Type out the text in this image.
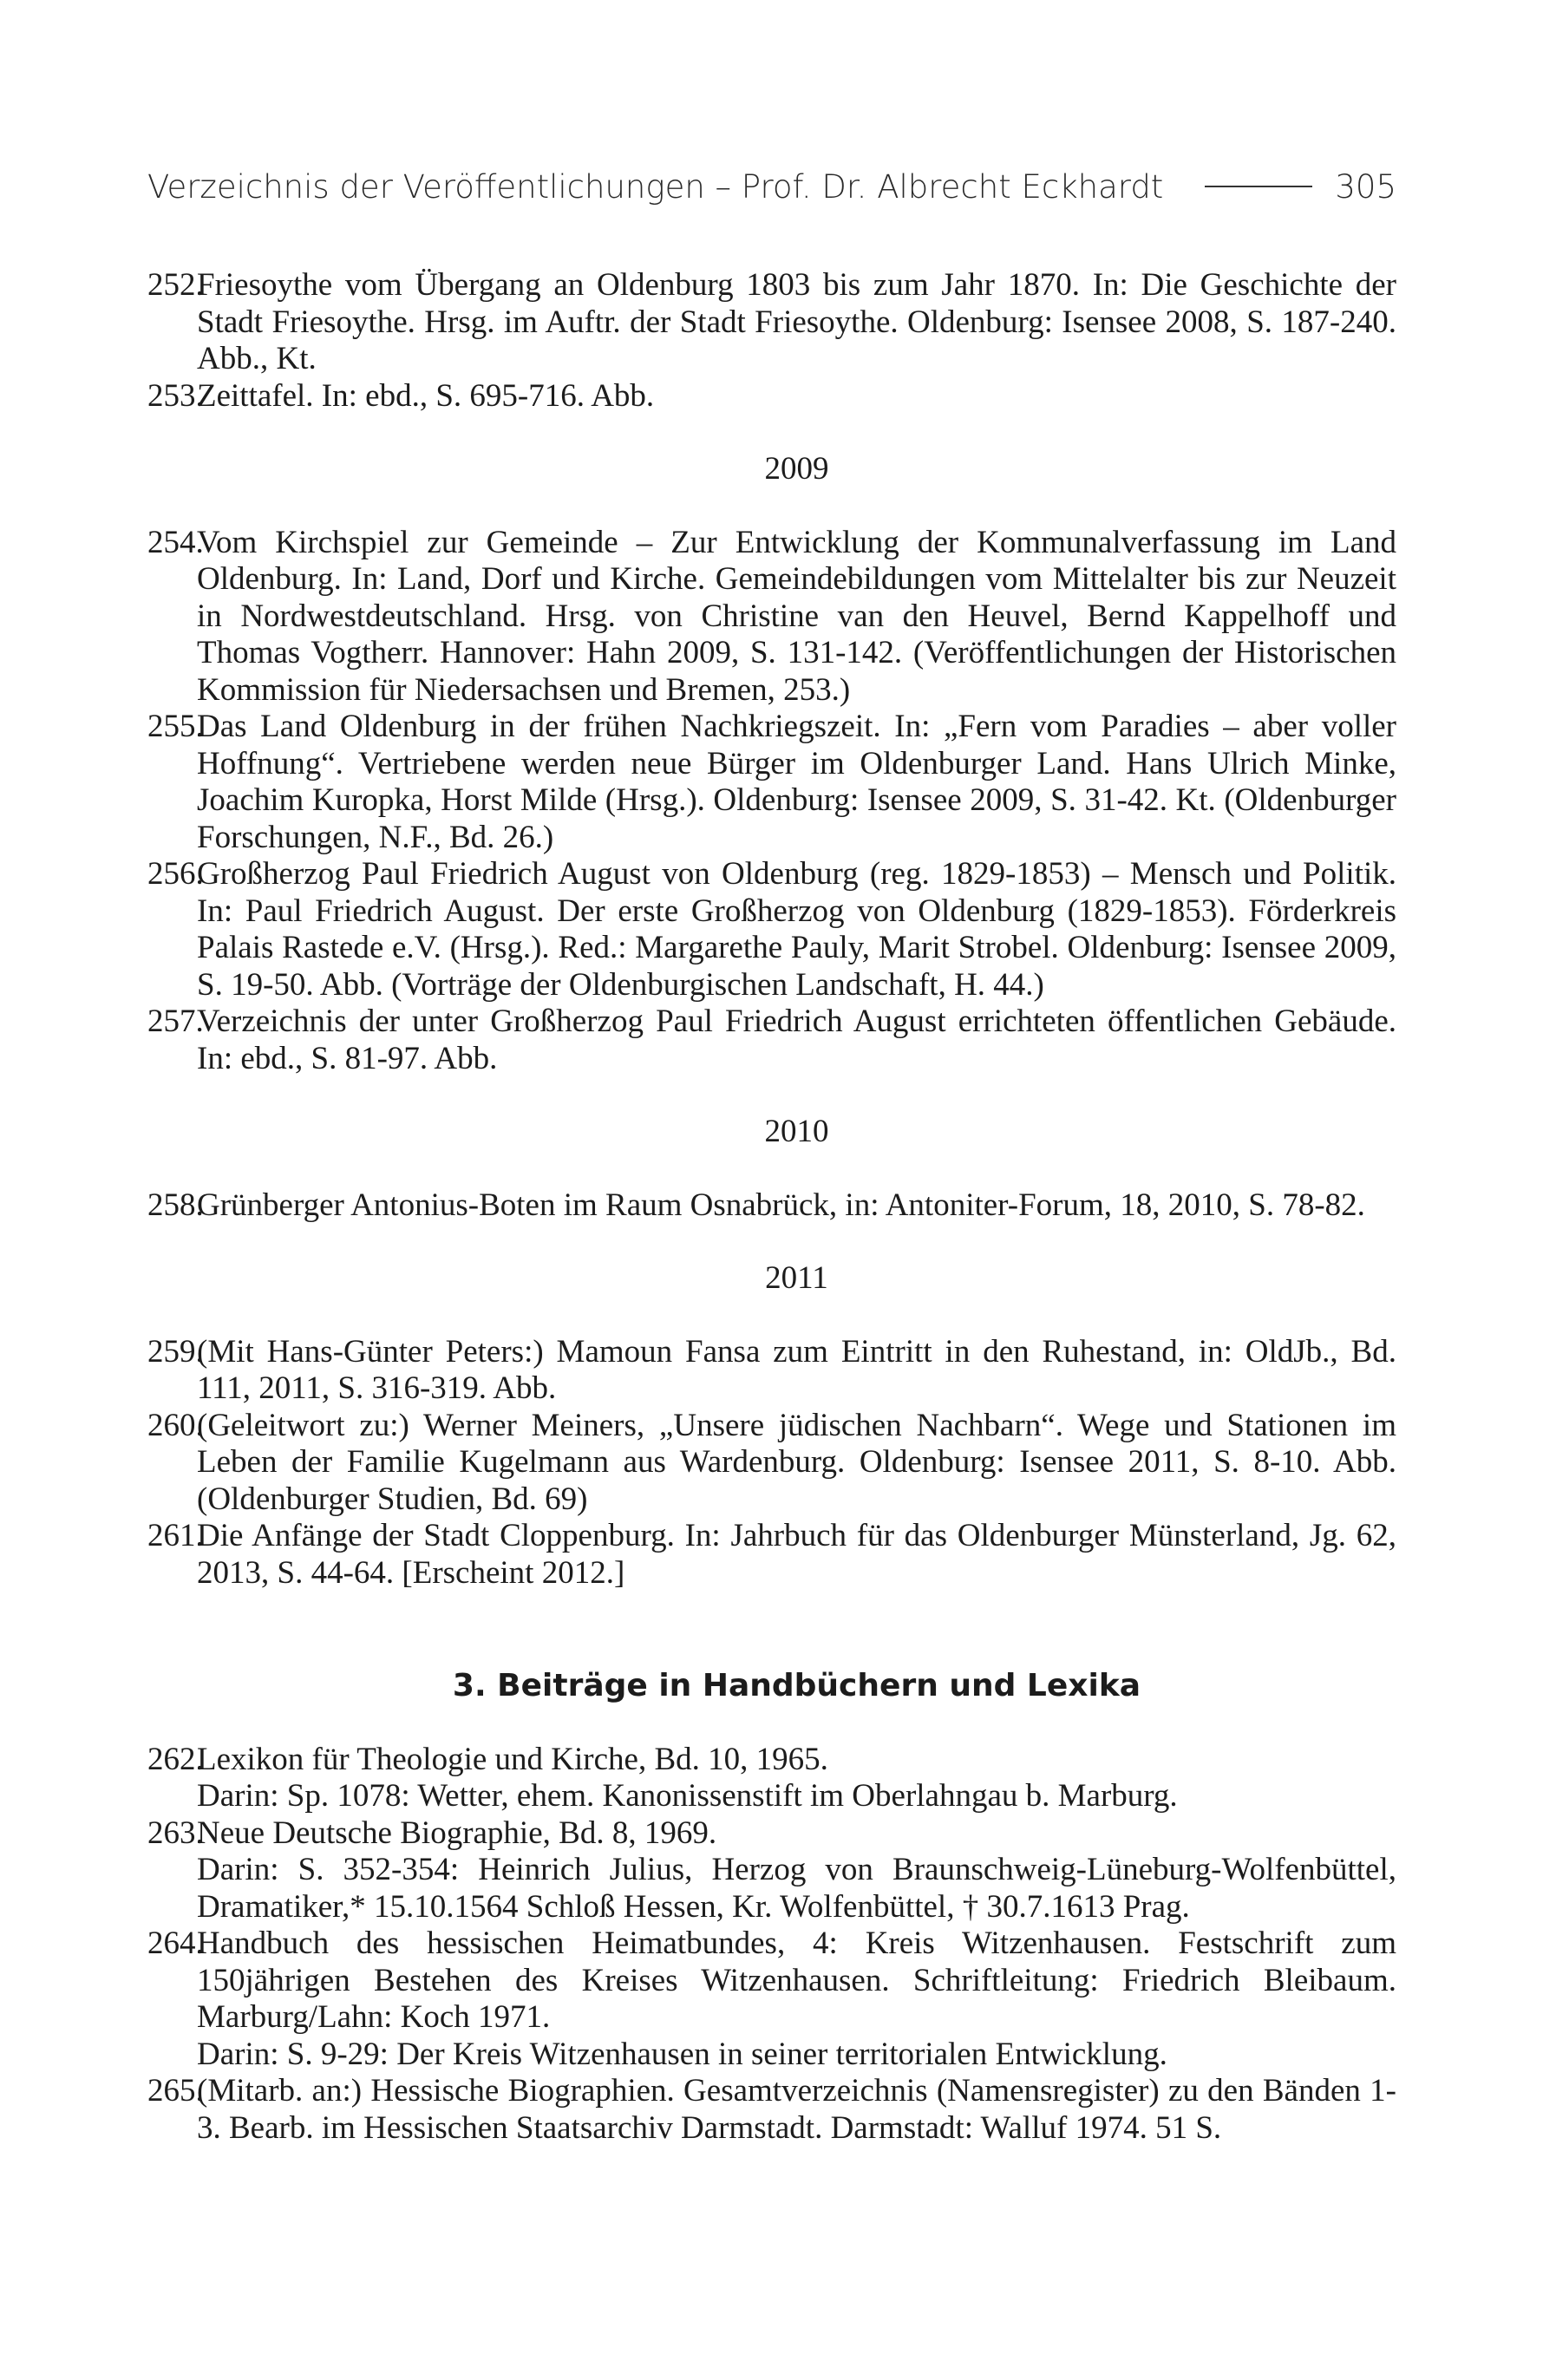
Verzeichnis der Veröffentlichungen – Prof. Dr. Albrecht Eckhardt	305
252.
Friesoythe vom Übergang an Oldenburg 1803 bis zum Jahr 1870. In: Die Geschichte der Stadt Friesoythe. Hrsg. im Auftr. der Stadt Friesoythe. Oldenburg: Isensee 2008, S. 187-240. Abb., Kt.
253.
Zeittafel. In: ebd., S. 695-716. Abb.
2009
254.
Vom Kirchspiel zur Gemeinde – Zur Entwicklung der Kommunalverfassung im Land Oldenburg. In: Land, Dorf und Kirche. Gemeindebildungen vom Mittelalter bis zur Neuzeit in Nordwestdeutschland. Hrsg. von Christine van den Heuvel, Bernd Kappelhoff und Thomas Vogtherr. Hannover: Hahn 2009, S. 131-142. (Veröffentlichungen der Historischen Kommission für Niedersachsen und Bremen, 253.)
255.
Das Land Oldenburg in der frühen Nachkriegszeit. In: „Fern vom Paradies – aber voller Hoffnung“. Vertriebene werden neue Bürger im Oldenburger Land. Hans Ulrich Minke, Joachim Kuropka, Horst Milde (Hrsg.). Oldenburg: Isensee 2009, S. 31-42. Kt. (Oldenburger Forschungen, N.F., Bd. 26.)
256.
Großherzog Paul Friedrich August von Oldenburg (reg. 1829-1853) – Mensch und Politik. In: Paul Friedrich August. Der erste Großherzog von Oldenburg (1829-1853). Förderkreis Palais Rastede e.V. (Hrsg.). Red.: Margarethe Pauly, Marit Strobel. Oldenburg: Isensee 2009, S. 19-50. Abb. (Vorträge der Oldenburgischen Landschaft, H. 44.)
257.
Verzeichnis der unter Großherzog Paul Friedrich August errichteten öffentlichen Gebäude. In: ebd., S. 81-97. Abb.
2010
258.
Grünberger Antonius-Boten im Raum Osnabrück, in: Antoniter-Forum, 18, 2010, S. 78-82.
2011
259.
(Mit Hans-Günter Peters:) Mamoun Fansa zum Eintritt in den Ruhestand, in: OldJb., Bd. 111, 2011, S. 316-319. Abb.
260.
(Geleitwort zu:) Werner Meiners, „Unsere jüdischen Nachbarn“. Wege und Stationen im Leben der Familie Kugelmann aus Wardenburg. Oldenburg: Isensee 2011, S. 8-10. Abb. (Oldenburger Studien, Bd. 69)
261.
Die Anfänge der Stadt Cloppenburg. In: Jahrbuch für das Oldenburger Münsterland, Jg. 62, 2013, S. 44-64. [Erscheint 2012.]
3. Beiträge in Handbüchern und Lexika
262.
Lexikon für Theologie und Kirche, Bd. 10, 1965.
Darin: Sp. 1078: Wetter, ehem. Kanonissenstift im Oberlahngau b. Marburg.
263.
Neue Deutsche Biographie, Bd. 8, 1969.
Darin: S. 352-354: Heinrich Julius, Herzog von Braunschweig-Lüneburg-Wolfenbüttel, Dramatiker,* 15.10.1564 Schloß Hessen, Kr. Wolfenbüttel, † 30.7.1613 Prag.
264.
Handbuch des hessischen Heimatbundes, 4: Kreis Witzenhausen. Festschrift zum 150jährigen Bestehen des Kreises Witzenhausen. Schriftleitung: Friedrich Bleibaum. Marburg/Lahn: Koch 1971.
Darin: S. 9-29: Der Kreis Witzenhausen in seiner territorialen Entwicklung.
265.
(Mitarb. an:) Hessische Biographien. Gesamtverzeichnis (Namensregister) zu den Bänden 1-3. Bearb. im Hessischen Staatsarchiv Darmstadt. Darmstadt: Walluf 1974. 51 S.
